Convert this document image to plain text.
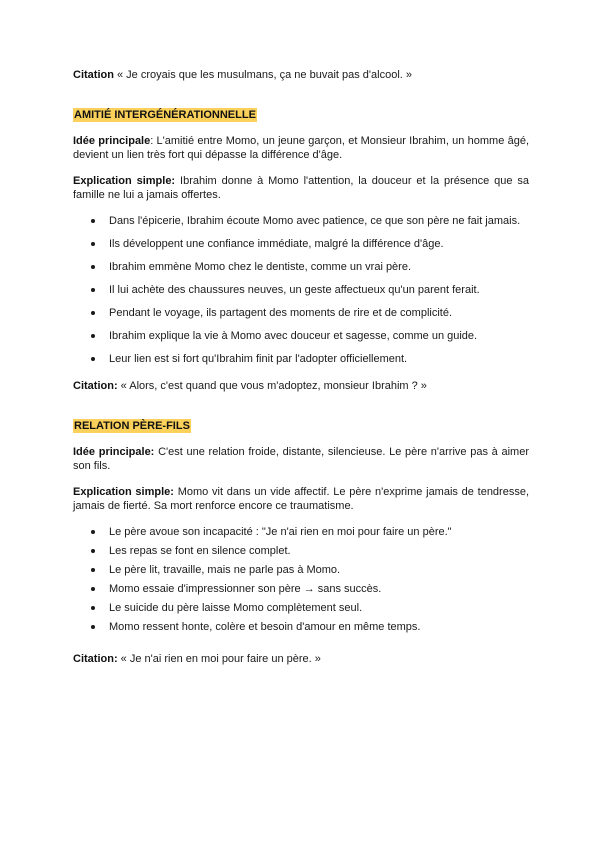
Citation « Je croyais que les musulmans, ça ne buvait pas d'alcool. »

AMITIÉ INTERGÉNÉRATIONNELLE

Idée principale: L'amitié entre Momo, un jeune garçon, et Monsieur Ibrahim, un homme âgé, devient un lien très fort qui dépasse la différence d'âge.

Explication simple: Ibrahim donne à Momo l'attention, la douceur et la présence que sa famille ne lui a jamais offertes.

Dans l'épicerie, Ibrahim écoute Momo avec patience, ce que son père ne fait jamais.
Ils développent une confiance immédiate, malgré la différence d'âge.
Ibrahim emmène Momo chez le dentiste, comme un vrai père.
Il lui achète des chaussures neuves, un geste affectueux qu'un parent ferait.
Pendant le voyage, ils partagent des moments de rire et de complicité.
Ibrahim explique la vie à Momo avec douceur et sagesse, comme un guide.
Leur lien est si fort qu'Ibrahim finit par l'adopter officiellement.

Citation: « Alors, c'est quand que vous m'adoptez, monsieur Ibrahim ? »

RELATION PÈRE-FILS

Idée principale: C'est une relation froide, distante, silencieuse. Le père n'arrive pas à aimer son fils.

Explication simple: Momo vit dans un vide affectif. Le père n'exprime jamais de tendresse, jamais de fierté. Sa mort renforce encore ce traumatisme.

Le père avoue son incapacité : "Je n'ai rien en moi pour faire un père."
Les repas se font en silence complet.
Le père lit, travaille, mais ne parle pas à Momo.
Momo essaie d'impressionner son père → sans succès.
Le suicide du père laisse Momo complètement seul.
Momo ressent honte, colère et besoin d'amour en même temps.

Citation: « Je n'ai rien en moi pour faire un père. »
